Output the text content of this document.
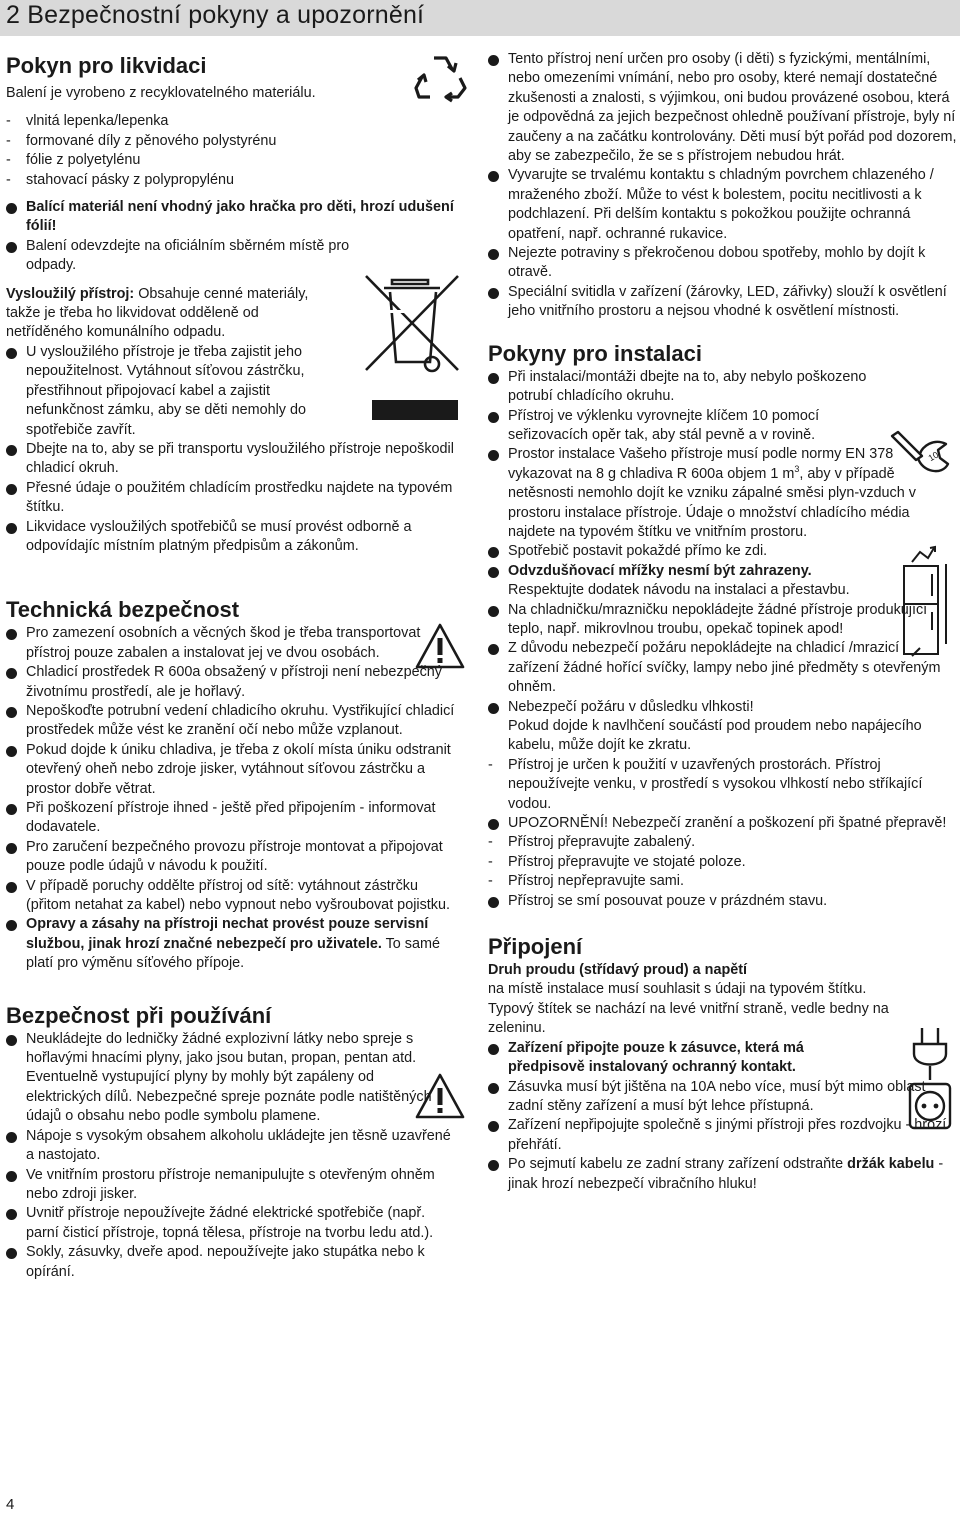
2 Bezpečnostní pokyny a upozornění
Pokyn pro likvidaci

Balení je vyrobeno z recyklovatelného materiálu.

- vlnitá lepenka/lepenka

- formované díly z pěnového polystyrénu

- fólie z polyetylénu

- stahovací pásky z polypropylénu

Balící materiál není vhodný jako hračka pro děti, hrozí udušení fólií!

Balení odevzdejte na oficiálním sběrném místě pro odpady.

Vysloužilý přístroj: Obsahuje cenné materiály, takže je třeba ho likvidovat odděleně od netříděného komunálního odpadu.

U vysloužilého přístroje je třeba zajistit jeho nepoužitelnost. Vytáhnout síťovou zástrčku, přestřihnout připojovací kabel a zajistit nefunkčnost zámku, aby se děti nemohly do spotřebiče zavřít.

Dbejte na to, aby se při transportu vysloužilého přístroje nepoškodil chladicí okruh.

Přesné údaje o použitém chladícím prostředku najdete na typovém štítku.

Likvidace vysloužilých spotřebičů se musí provést odborně a odpovídajíc místním platným předpisům a zákonům.

Technická bezpečnost

Pro zamezení osobních a věcných škod je třeba transportovat přístroj pouze zabalen a instalovat jej ve dvou osobách.

Chladicí prostředek R 600a obsažený v přístroji není nebezpečný životnímu prostředí, ale je hořlavý.

Nepoškoďte potrubní vedení chladicího okruhu. Vystřikující chladicí prostředek může vést ke zranění očí nebo může vzplanout.

Pokud dojde k úniku chladiva, je třeba z okolí místa úniku odstranit otevřený oheň nebo zdroje jisker, vytáhnout síťovou zástrčku a prostor dobře větrat.

Při poškození přístroje ihned - ještě před připojením - informovat dodavatele.

Pro zaručení bezpečného provozu přístroje montovat a připojovat pouze podle údajů v návodu k použití.

V případě poruchy oddělte přístroj od sítě: vytáhnout zástrčku (přitom netahat za kabel) nebo vypnout nebo vyšroubovat pojistku.

Opravy a zásahy na přístroji nechat provést pouze servisní službou, jinak hrozí značné nebezpečí pro uživatele. To samé platí pro výměnu síťového přípoje.

Bezpečnost při používání

Neukládejte do ledničky žádné explozivní látky nebo spreje s hořlavými hnacími plyny, jako jsou butan, propan, pentan atd. Eventuelně vystupující plyny by mohly být zapáleny od elektrických dílů. Nebezpečné spreje poznáte podle natištěných údajů o obsahu nebo podle symbolu plamene.

Nápoje s vysokým obsahem alkoholu ukládejte jen těsně uzavřené a nastojato.

Ve vnitřním prostoru přístroje nemanipulujte s otevřeným ohněm nebo zdroji jisker.

Uvnitř přístroje nepoužívejte žádné elektrické spotřebiče (např. parní čisticí přístroje, topná tělesa, přístroje na tvorbu ledu atd.).

Sokly, zásuvky, dveře apod. nepoužívejte jako stupátka nebo k opírání.

Tento přístroj není určen pro osoby (i děti) s fyzickými, mentálními, nebo omezeními vnímání, nebo pro osoby, které nemají dostatečné zkušenosti a znalosti, s výjimkou, oni budou provázené osobou, která je odpovědná za jejich bezpečnost ohledně používaní přístroje, byly ní zaučeny a na začátku kontrolovány. Děti musí být pořád pod dozorem, aby se zabezpečilo, že se s přístrojem nebudou hrát.

Vyvarujte se trvalému kontaktu s chladným povrchem chlazeného / mraženého zboží. Může to vést k bolestem, pocitu necitlivosti a k podchlazení. Při delším kontaktu s pokožkou použijte ochranná opatření, např. ochranné rukavice.

Nejezte potraviny s překročenou dobou spotřeby, mohlo by dojít k otravě.

Speciální svitidla v zařízení (žárovky, LED, zářivky) slouží k osvětlení jeho vnitřního prostoru a nejsou vhodné k osvětlení místnosti.

Pokyny pro instalaci

Při instalaci/montáži dbejte na to, aby nebylo poškozeno potrubí chladícího okruhu.

Přístroj ve výklenku vyrovnejte klíčem 10 pomocí seřizovacích opěr tak, aby stál pevně a v rovině.

Prostor instalace Vašeho přístroje musí podle normy EN 378 vykazovat na 8 g chladiva R 600a objem 1 $m^3$, aby v případě netěsnosti nemohlo dojít ke vzniku zápalné směsi plyn-vzduch v prostoru instalace přístroje. Údaje o množství chladícího média najdete na typovém štítku ve vnitřním prostoru.

Spotřebič postavit pokaždé přímo ke zdi.

Odvzdušňovací mřížky nesmí být zahrazeny. Respektujte dodatek návodu na instalaci a přestavbu.

Na chladničku/mrazničku nepokládejte žádné přístroje produkující teplo, např. mikrovlnou troubu, opekač topinek apod!

Z důvodu nebezpečí požáru nepokládejte na chladicí /mrazicí zařízení žádné hořící svíčky, lampy nebo jiné předměty s otevřeným ohněm.

Nebezpečí požáru v důsledku vlhkosti!

Pokud dojde k navlhčení součástí pod proudem nebo napájecího kabelu, může dojít ke zkratu.

- Přístroj je určen k použití v uzavřených prostorách. Přístroj nepoužívejte venku, v prostředí s vysokou vlhkostí nebo stříkající vodou.

UPOZORNĚNÍ! Nebezpečí zranění a poškození při špatné přepravě!

- Přístroj přepravujte zabalený.

- Přístroj přepravujte ve stojaté poloze.

- Přístroj nepřepravujte sami.

Přístroj se smí posouvat pouze v prázdném stavu.

Připojení

Druh proudu (střídavý proud) a napětí

na místě instalace musí souhlasit s údaji na typovém štítku. Typový štítek se nachází na levé vnitřní straně, vedle bedny na zeleninu.

Zařízení připojte pouze k zásuvce, která má předpisově instalovaný ochranný kontakt.

Zásuvka musí být jištěna na 10A nebo více, musí být mimo oblast zadní stěny zařízení a musí být lehce přístupná.

Zařízení nepřipojujte společně s jinými přístroji přes rozdvojku - hrozí přehřátí.

Po sejmutí kabelu ze zadní strany zařízení odstraňte držák kabelu - jinak hrozí nebezpečí vibračního hluku!

10
4
